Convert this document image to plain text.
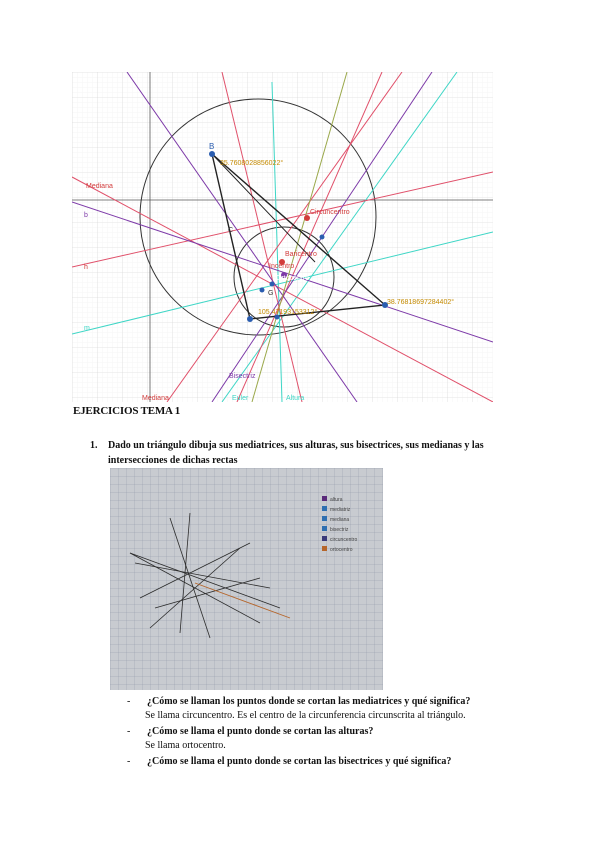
B
35.7608028856022°
38.76818697284402°
105.47193153312°
Mediana
Circuncentro
Baricentro
Incentro
Ortocentro
Bisectriz
Euler	Altura
Mediana
h
m
b
C
G
EJERCICIOS TEMA 1
1. Dado un triángulo dibuja sus mediatrices, sus alturas, sus bisectrices, sus medianas y las intersecciones de dichas rectas
altura
mediatriz
mediana
bisectriz
circuncentro
ortocentro
- ¿Cómo se llaman los puntos donde se cortan las mediatrices y qué significa?
Se llama circuncentro. Es el centro de la circunferencia circunscrita al triángulo.
- ¿Cómo se llama el punto donde se cortan las alturas?
Se llama ortocentro.
- ¿Cómo se llama el punto donde se cortan las bisectrices y qué significa?
